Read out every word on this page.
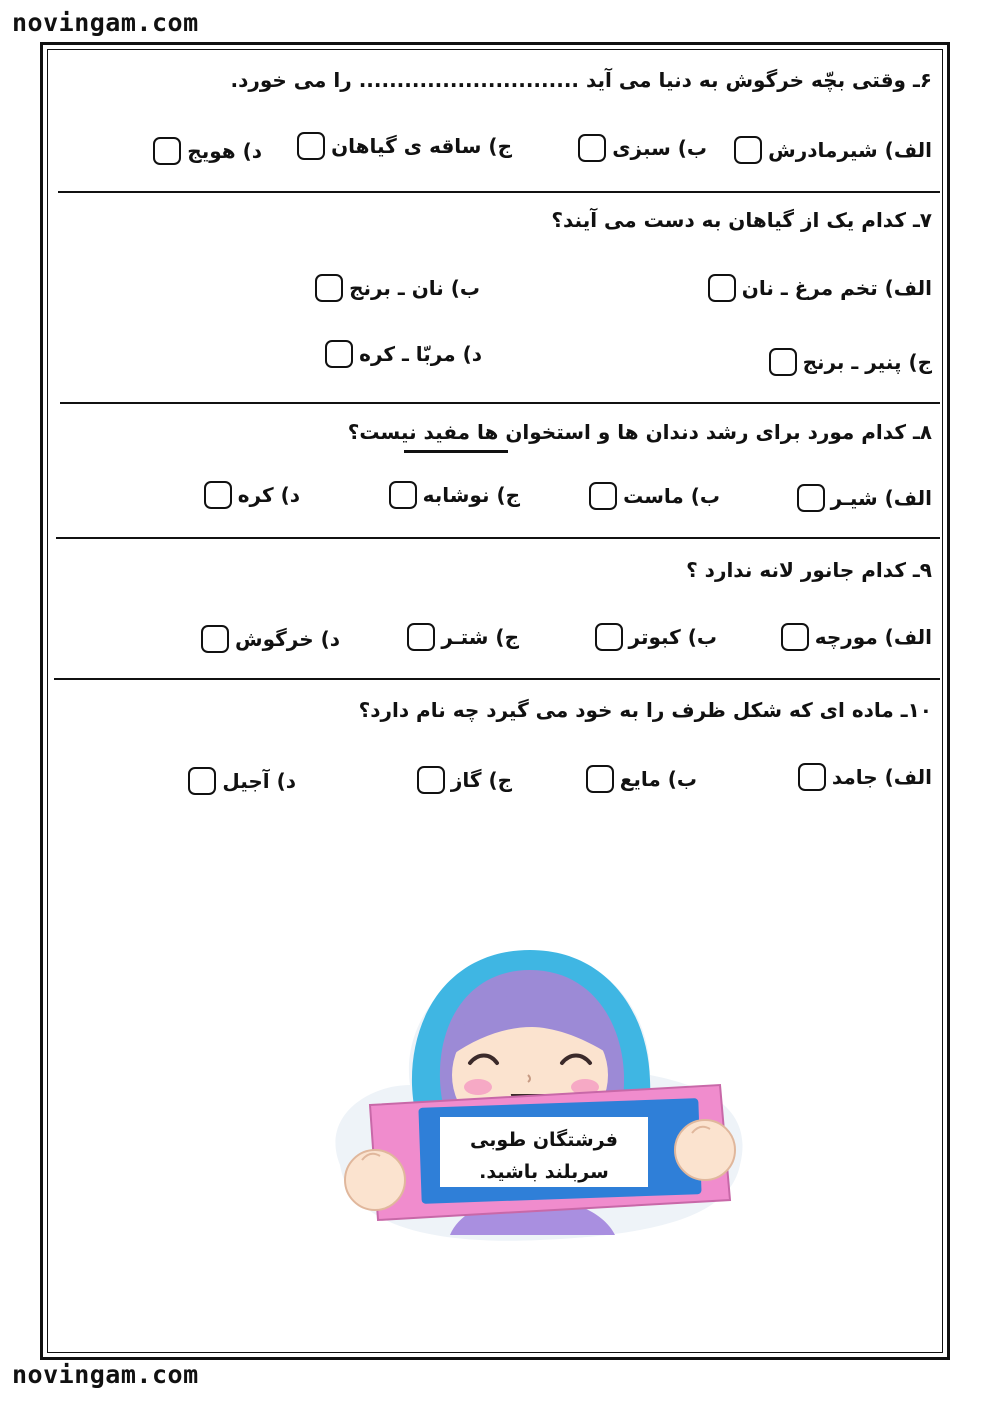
novingam.com
novingam.com
۶ـ وقتی بچّه خرگوش به دنیا می آید ............................. را می خورد.
الف) شیرمادرش
ب) سبزی
ج) ساقه ی گیاهان
د) هویج
۷ـ کدام یک از گیاهان به دست می آیند؟
الف) تخم مرغ ـ نان
ب) نان ـ برنج
ج) پنیر ـ برنج
د) مربّا ـ کره
۸ـ کدام مورد برای رشد دندان ها و استخوان ها مفید نیست؟
الف) شیـر
ب) ماست
ج) نوشابه
د) کره
۹ـ کدام جانور لانه ندارد ؟
الف) مورچه
ب) کبوتر
ج) شتـر
د) خرگوش
۱۰ـ ماده ای که شکل ظرف را به خود می گیرد چه نام دارد؟
الف) جامد
ب) مایع
ج) گاز
د) آجیل
فرشتگان طوبی
سربلند باشید.
